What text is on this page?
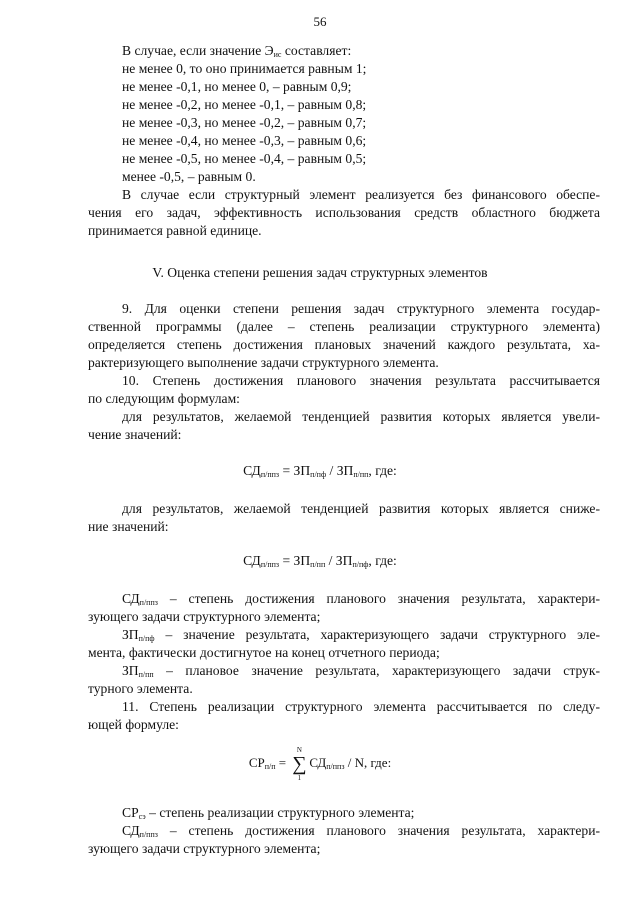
56
В случае, если значение $Э_{ис}$ составляет:
не менее 0, то оно принимается равным 1;
не менее -0,1, но менее 0, – равным 0,9;
не менее -0,2, но менее -0,1, – равным 0,8;
не менее -0,3, но менее -0,2, – равным 0,7;
не менее -0,4, но менее -0,3, – равным 0,6;
не менее -0,5, но менее -0,4, – равным 0,5;
менее -0,5, – равным 0.
В случае если структурный элемент реализуется без финансового обеспе-
чения его задач, эффективность использования средств областного бюджета
принимается равной единице.
V. Оценка степени решения задач структурных элементов
9. Для оценки степени решения задач структурного элемента государ-
ственной программы (далее – степень реализации структурного элемента)
определяется степень достижения плановых значений каждого результата, ха-
рактеризующего выполнение задачи структурного элемента.
10. Степень достижения планового значения результата рассчитывается
по следующим формулам:
для результатов, желаемой тенденцией развития которых является увели-
чение значений:
$СД_{п/ппз} = ЗП_{п/пф} / ЗП_{п/пп}$, где:
для результатов, желаемой тенденцией развития которых является сниже-
ние значений:
$СД_{п/ппз} = ЗП_{п/пп} / ЗП_{п/пф}$, где:
$СД_{п/ппз}$ – степень достижения планового значения результата, характери-
зующего задачи структурного элемента;
$ЗП_{п/пф}$ – значение результата, характеризующего задачи структурного эле-
мента, фактически достигнутое на конец отчетного периода;
$ЗП_{п/пп}$ – плановое значение результата, характеризующего задачи струк-
турного элемента.
11. Степень реализации структурного элемента рассчитывается по следу-
ющей формуле:
$СР_{п/п}$ =
N
∑
1
$СД_{п/ппз}$ / N, где:
$СР_{сэ}$ – степень реализации структурного элемента;
$СД_{п/ппз}$ – степень достижения планового значения результата, характери-
зующего задачи структурного элемента;
